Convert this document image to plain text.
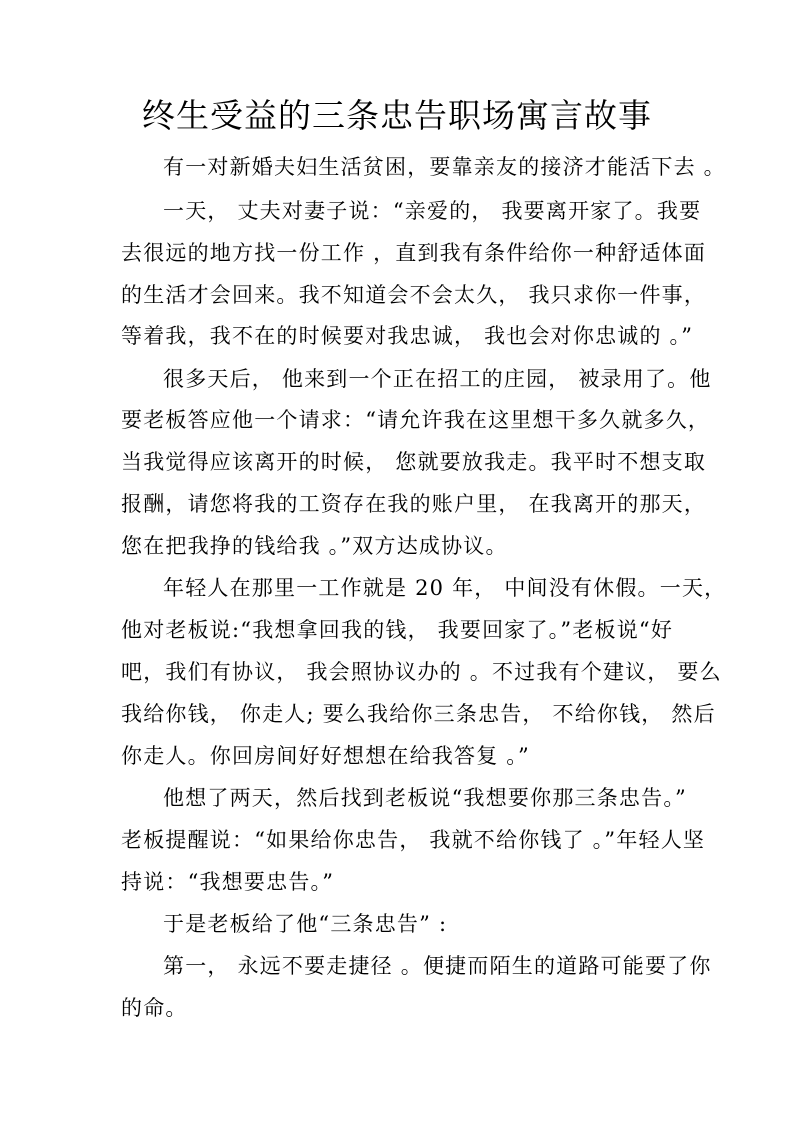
终生受益的三条忠告职场寓言故事

有一对新婚夫妇生活贫困，要靠亲友的接济才能活下去 。

一天， 丈夫对妻子说：“亲爱的， 我要离开家了。我要

去很远的地方找一份工作 ，直到我有条件给你一种舒适体面

的生活才会回来。我不知道会不会太久， 我只求你一件事，

等着我，我不在的时候要对我忠诚， 我也会对你忠诚的 。”

很多天后， 他来到一个正在招工的庄园， 被录用了。他

要老板答应他一个请求：“请允许我在这里想干多久就多久，

当我觉得应该离开的时候， 您就要放我走。我平时不想支取

报酬，请您将我的工资存在我的账户里， 在我离开的那天，

您在把我挣的钱给我 。”双方达成协议。

年轻人在那里一工作就是 20 年， 中间没有休假。一天，

他对老板说:“我想拿回我的钱， 我要回家了。”老板说“好

吧，我们有协议， 我会照协议办的 。不过我有个建议， 要么

我给你钱， 你走人; 要么我给你三条忠告， 不给你钱， 然后

你走人。你回房间好好想想在给我答复 。”

他想了两天，然后找到老板说“我想要你那三条忠告。”

老板提醒说：“如果给你忠告， 我就不给你钱了 。”年轻人坚

持说：“我想要忠告。”

于是老板给了他“三条忠告” :

第一， 永远不要走捷径 。便捷而陌生的道路可能要了你

的命。
